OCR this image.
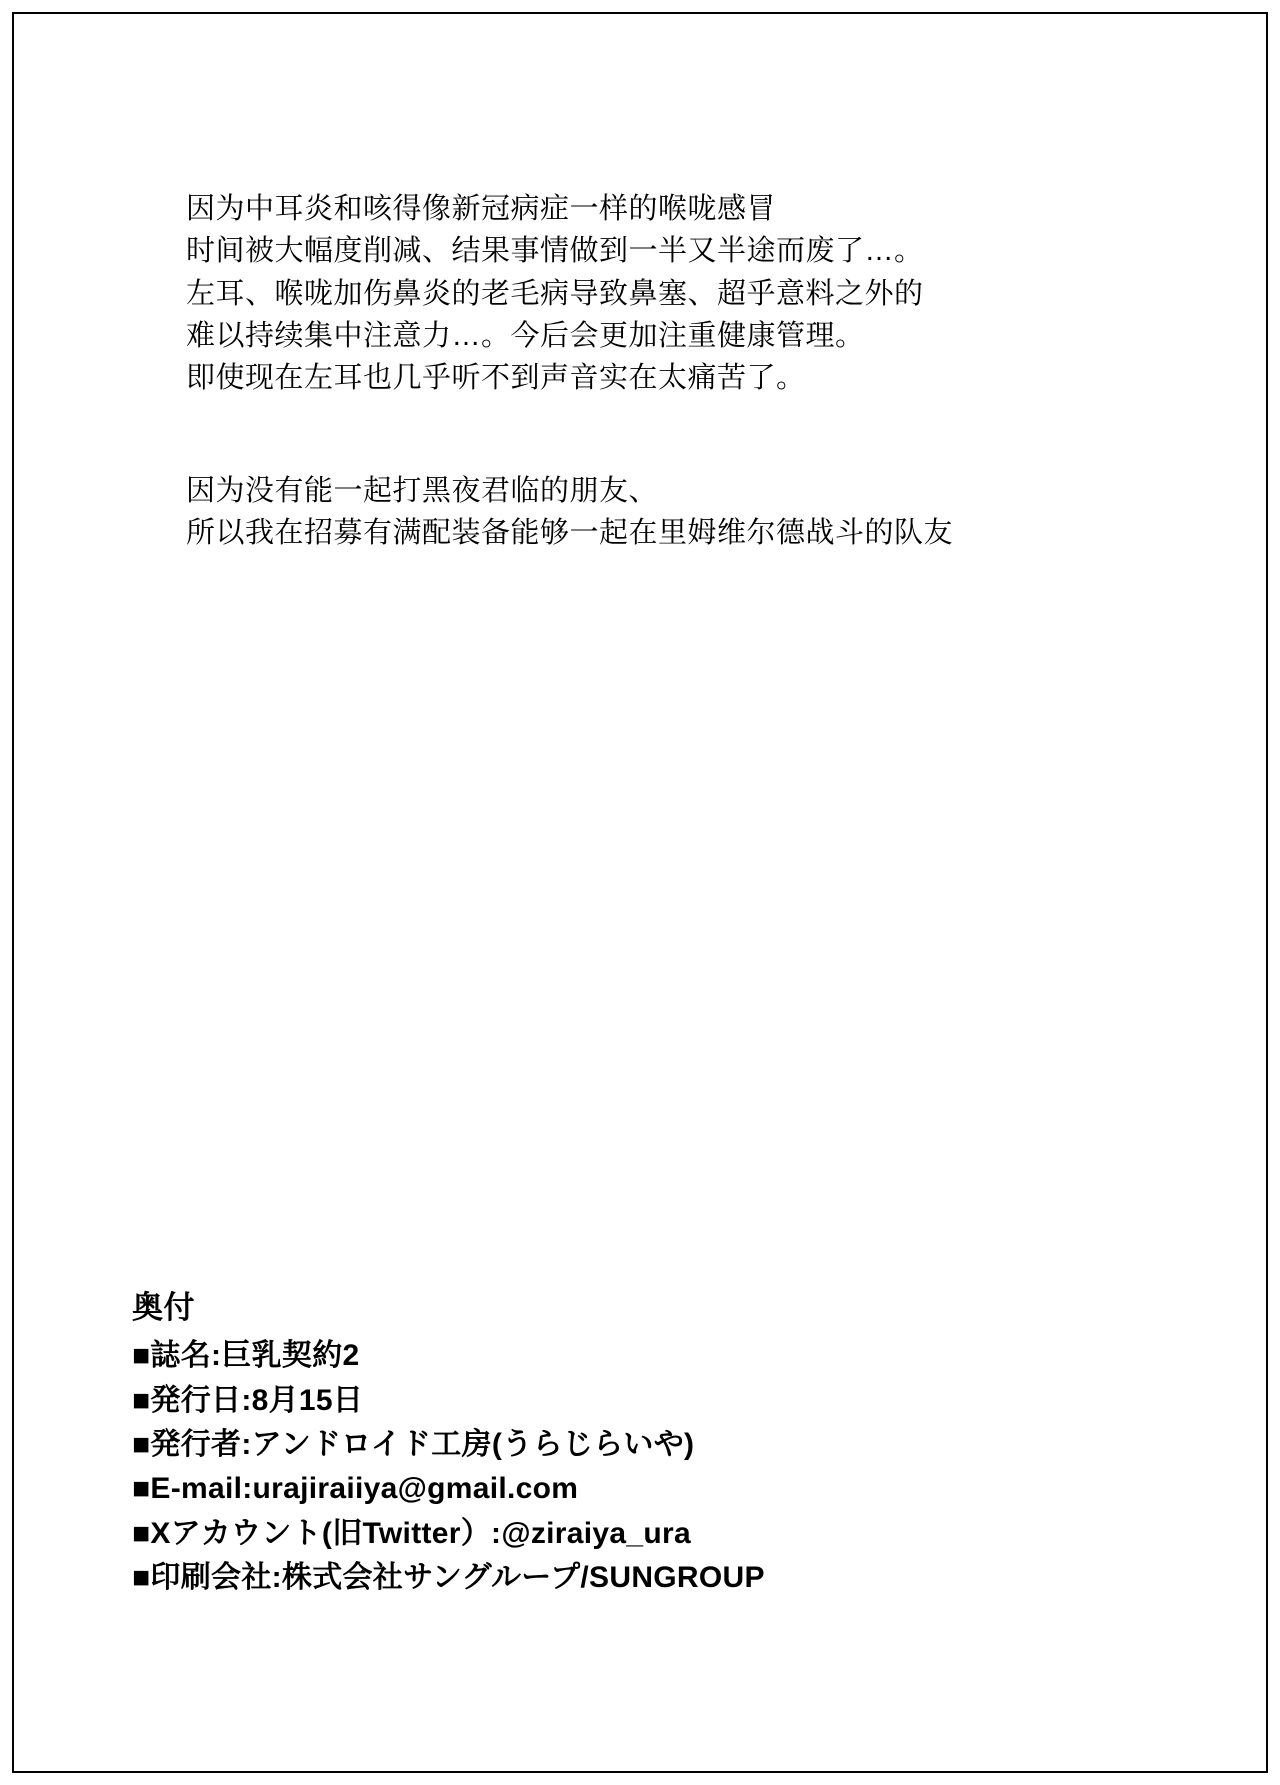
因为中耳炎和咳得像新冠病症一样的喉咙感冒

时间被大幅度削减、结果事情做到一半又半途而废了…。

左耳、喉咙加伤鼻炎的老毛病导致鼻塞、超乎意料之外的

难以持续集中注意力…。今后会更加注重健康管理。

即使现在左耳也几乎听不到声音实在太痛苦了。

因为没有能一起打黑夜君临的朋友、

所以我在招募有满配装备能够一起在里姆维尔德战斗的队友

奥付
■誌名:巨乳契約2
■発行日:8月15日
■発行者:アンドロイド工房(うらじらいや)
■E-mail:urajiraiiya@gmail.com
■Xアカウント(旧Twitter）:@ziraiya_ura
■印刷会社:株式会社サングループ/SUNGROUP
